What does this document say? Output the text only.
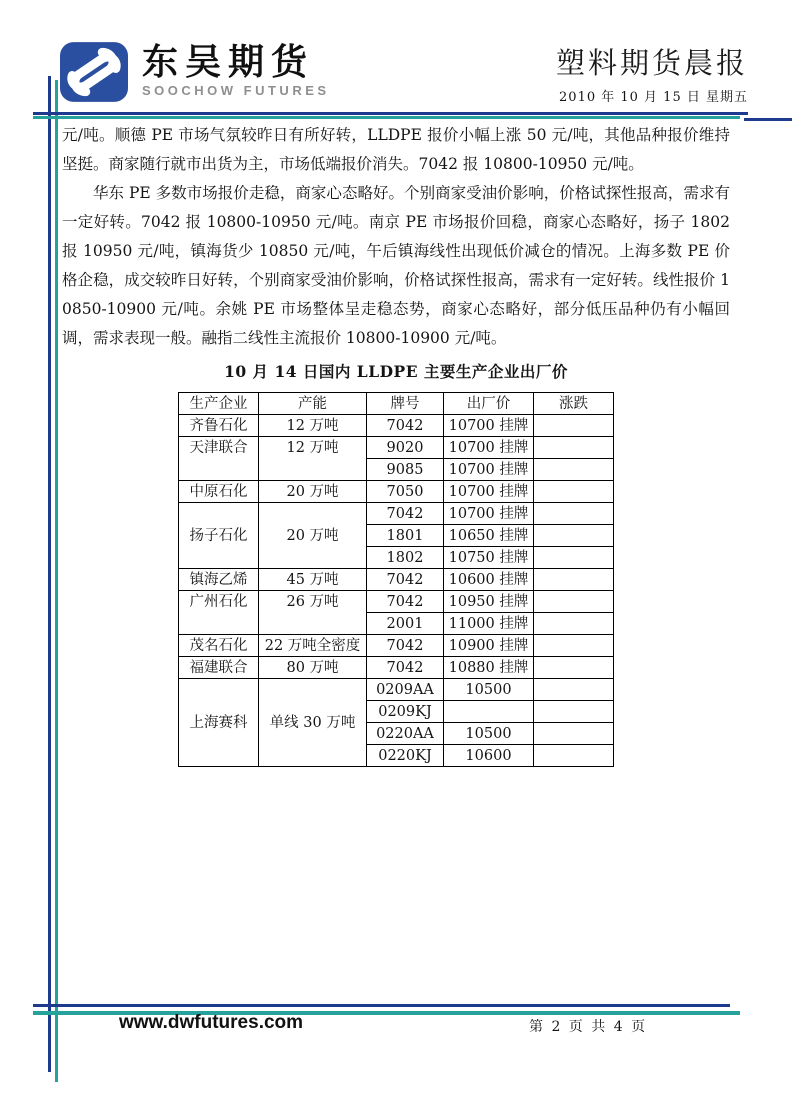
东吴期货
SOOCHOW FUTURES
塑料期货晨报
2010 年 10 月 15 日 星期五

元/吨。顺德 PE 市场气氛较昨日有所好转，LLDPE 报价小幅上涨 50 元/吨，其他品种报价维持坚挺。商家随行就市出货为主，市场低端报价消失。7042 报 10800-10950 元/吨。

华东 PE 多数市场报价走稳，商家心态略好。个别商家受油价影响，价格试探性报高，需求有一定好转。7042 报 10800-10950 元/吨。南京 PE 市场报价回稳，商家心态略好，扬子 1802 报 10950 元/吨，镇海货少 10850 元/吨，午后镇海线性出现低价减仓的情况。上海多数 PE 价格企稳，成交较昨日好转，个别商家受油价影响，价格试探性报高，需求有一定好转。线性报价 10850-10900 元/吨。余姚 PE 市场整体呈走稳态势，商家心态略好，部分低压品种仍有小幅回调，需求表现一般。融指二线性主流报价 10800-10900 元/吨。

10 月 14 日国内 LLDPE 主要生产企业出厂价
生产企业	产能	牌号	出厂价	涨跌
齐鲁石化	12 万吨	7042	10700 挂牌	
天津联合	12 万吨	9020	10700 挂牌	
		9085	10700 挂牌	
中原石化	20 万吨	7050	10700 挂牌	
扬子石化	20 万吨	7042	10700 挂牌	
		1801	10650 挂牌	
		1802	10750 挂牌	
镇海乙烯	45 万吨	7042	10600 挂牌	
广州石化	26 万吨	7042	10950 挂牌	
		2001	11000 挂牌	
茂名石化	22 万吨全密度	7042	10900 挂牌	
福建联合	80 万吨	7042	10880 挂牌	
上海赛科	单线 30 万吨	0209AA	10500	
		0209KJ		
		0220AA	10500	
		0220KJ	10600	
www.dwfutures.com	第 2 页 共 4 页
